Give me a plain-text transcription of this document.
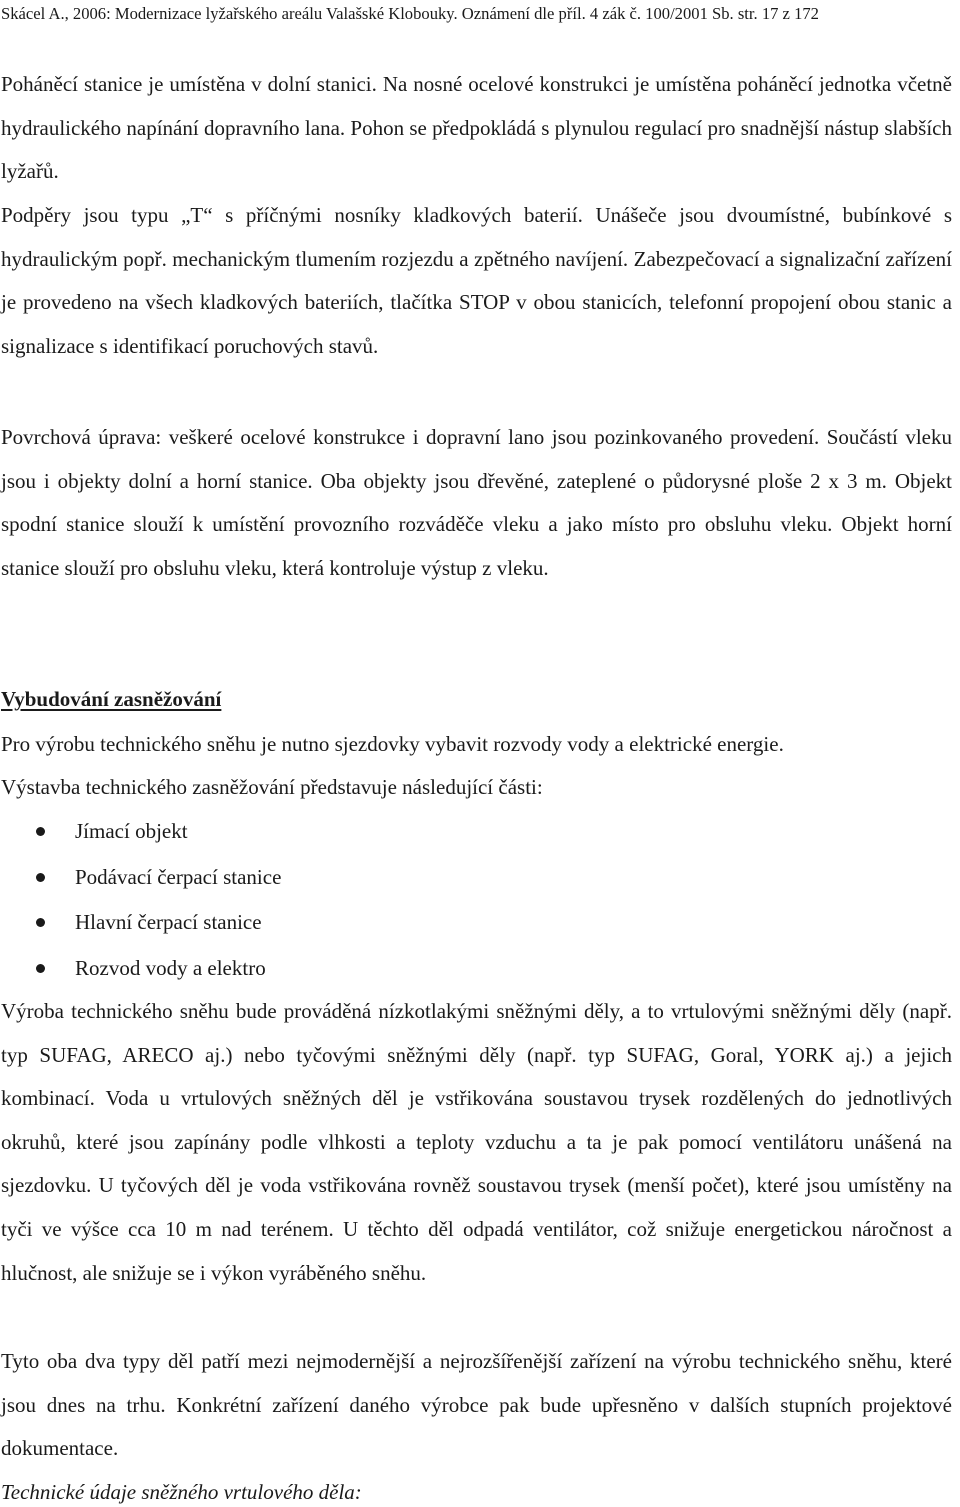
Skácel A., 2006: Modernizace lyžařského areálu Valašské Klobouky. Oznámení dle příl. 4 zák č. 100/2001 Sb. str. 17 z 172

Poháněcí stanice je umístěna v dolní stanici. Na nosné ocelové konstrukci je umístěna poháněcí jednotka včetně hydraulického napínání dopravního lana. Pohon se předpokládá s plynulou regulací pro snadnější nástup slabších lyžařů.

Podpěry jsou typu „T“ s příčnými nosníky kladkových baterií. Unášeče jsou dvoumístné, bubínkové s hydraulickým popř. mechanickým tlumením rozjezdu a zpětného navíjení. Zabezpečovací a signalizační zařízení je provedeno na všech kladkových bateriích, tlačítka STOP v obou stanicích, telefonní propojení obou stanic a signalizace s identifikací poruchových stavů.

Povrchová úprava: veškeré ocelové konstrukce i dopravní lano jsou pozinkovaného provedení. Součástí vleku jsou i objekty dolní a horní stanice. Oba objekty jsou dřevěné, zateplené o půdorysné ploše 2 x 3 m. Objekt spodní stanice slouží k umístění provozního rozváděče vleku a jako místo pro obsluhu vleku. Objekt horní stanice slouží pro obsluhu vleku, která kontroluje výstup z vleku.

Vybudování zasněžování

Pro výrobu technického sněhu je nutno sjezdovky vybavit rozvody vody a elektrické energie.

Výstavba technického zasněžování představuje následující části:

Jímací objekt
Podávací čerpací stanice
Hlavní čerpací stanice
Rozvod vody a elektro

Výroba technického sněhu bude prováděná nízkotlakými sněžnými děly, a to vrtulovými sněžnými děly (např. typ SUFAG, ARECO aj.) nebo tyčovými sněžnými děly (např. typ SUFAG, Goral, YORK aj.) a jejich kombinací. Voda u vrtulových sněžných děl je vstřikována soustavou trysek rozdělených do jednotlivých okruhů, které jsou zapínány podle vlhkosti a teploty vzduchu a ta je pak pomocí ventilátoru unášená na sjezdovku. U tyčových děl je voda vstřikována rovněž soustavou trysek (menší počet), které jsou umístěny na tyči ve výšce cca 10 m nad terénem. U těchto děl odpadá ventilátor, což snižuje energetickou náročnost a hlučnost, ale snižuje se i výkon vyráběného sněhu.

Tyto oba dva typy děl patří mezi nejmodernější a nejrozšířenější zařízení na výrobu technického sněhu, které jsou dnes na trhu. Konkrétní zařízení daného výrobce pak bude upřesněno v dalších stupních projektové dokumentace.

Technické údaje sněžného vrtulového děla:
